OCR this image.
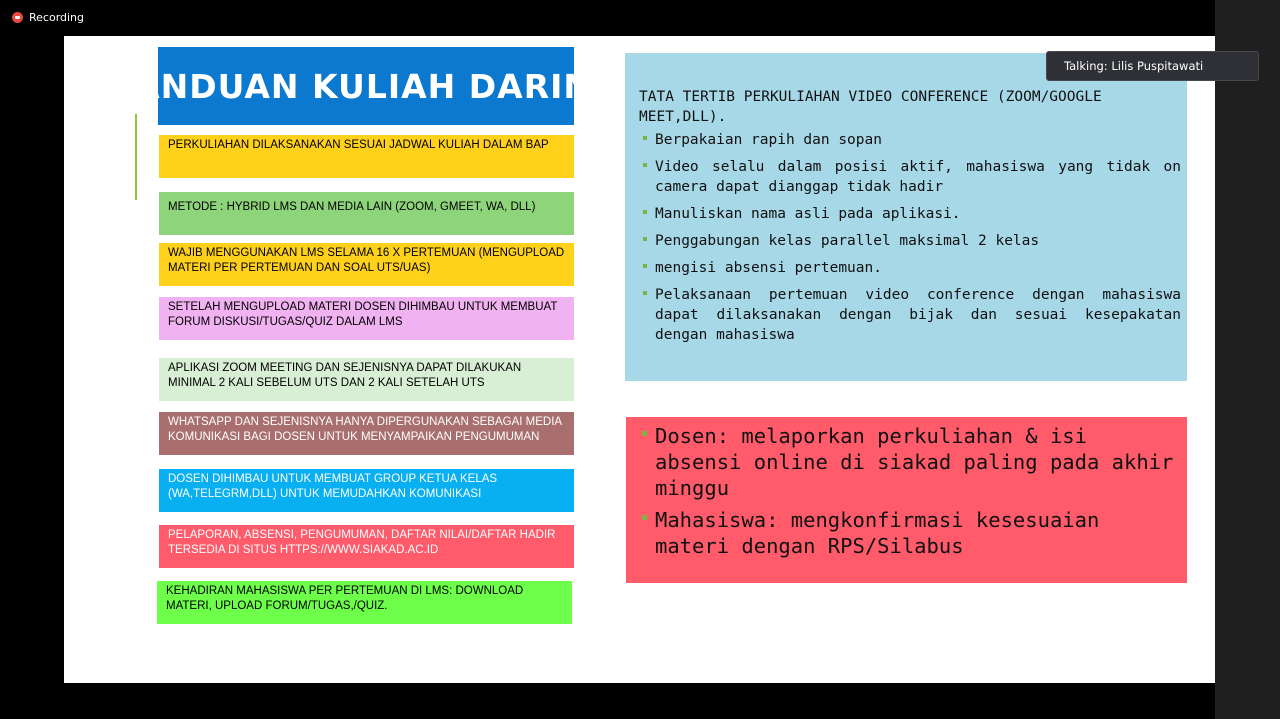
Recording
PANDUAN KULIAH DARING
PERKULIAHAN DILAKSANAKAN SESUAI JADWAL KULIAH DALAM BAP
METODE : HYBRID LMS DAN MEDIA LAIN (ZOOM, GMEET, WA, DLL)
WAJIB MENGGUNAKAN LMS SELAMA 16 X PERTEMUAN (MENGUPLOAD MATERI PER PERTEMUAN DAN SOAL UTS/UAS)
SETELAH MENGUPLOAD MATERI DOSEN DIHIMBAU UNTUK MEMBUAT FORUM DISKUSI/TUGAS/QUIZ DALAM LMS
APLIKASI ZOOM MEETING DAN SEJENISNYA DAPAT DILAKUKAN MINIMAL 2 KALI SEBELUM UTS DAN 2 KALI SETELAH UTS
WHATSAPP DAN SEJENISNYA HANYA DIPERGUNAKAN SEBAGAI MEDIA KOMUNIKASI BAGI DOSEN UNTUK MENYAMPAIKAN PENGUMUMAN
DOSEN DIHIMBAU UNTUK MEMBUAT GROUP KETUA KELAS (WA,TELEGRM,DLL) UNTUK MEMUDAHKAN KOMUNIKASI
PELAPORAN, ABSENSI, PENGUMUMAN, DAFTAR NILAI/DAFTAR HADIR TERSEDIA DI SITUS HTTPS://WWW.SIAKAD.AC.ID
KEHADIRAN MAHASISWA PER PERTEMUAN DI LMS: DOWNLOAD MATERI, UPLOAD FORUM/TUGAS,/QUIZ.
TATA TERTIB PERKULIAHAN VIDEO CONFERENCE (ZOOM/GOOGLE MEET,DLL).
Berpakaian rapih dan sopan
Video selalu dalam posisi aktif, mahasiswa yang tidak on camera dapat dianggap tidak hadir
Manuliskan nama asli pada aplikasi.
Penggabungan kelas parallel maksimal 2 kelas
mengisi absensi pertemuan.
Pelaksanaan pertemuan video conference dengan mahasiswa dapat dilaksanakan dengan bijak dan sesuai kesepakatan dengan mahasiswa
Dosen: melaporkan perkuliahan & isi absensi online di siakad paling pada akhir minggu
Mahasiswa: mengkonfirmasi kesesuaian materi dengan RPS/Silabus
Talking: Lilis Puspitawati
